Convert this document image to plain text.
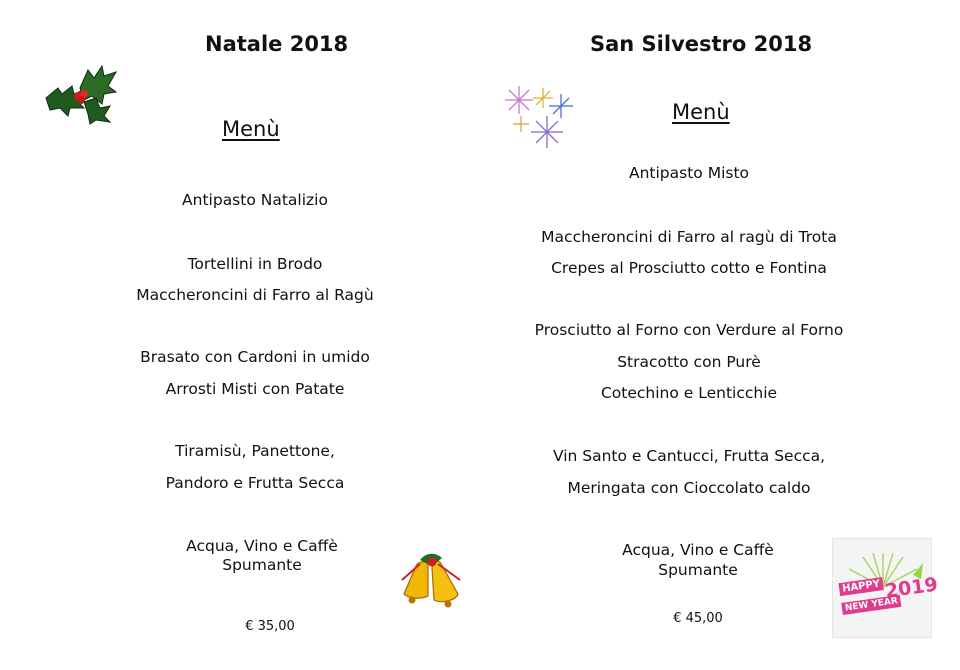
Natale 2018
Menù
Antipasto Natalizio
Tortellini in Brodo
Maccheroncini di Farro al Ragù
Brasato con Cardoni in umido
Arrosti Misti con Patate
Tiramisù, Panettone,
Pandoro e Frutta Secca
Acqua, Vino e Caffè
Spumante
€ 35,00
San Silvestro 2018
Menù
Antipasto Misto
Maccheroncini di Farro al ragù di Trota
Crepes al Prosciutto cotto e Fontina
Prosciutto al Forno con Verdure al Forno
Stracotto con Purè
Cotechino e Lenticchie
Vin Santo e Cantucci, Frutta Secca,
Meringata con Cioccolato caldo
Acqua, Vino e Caffè
Spumante
€ 45,00
HAPPY
NEW YEAR
2019
